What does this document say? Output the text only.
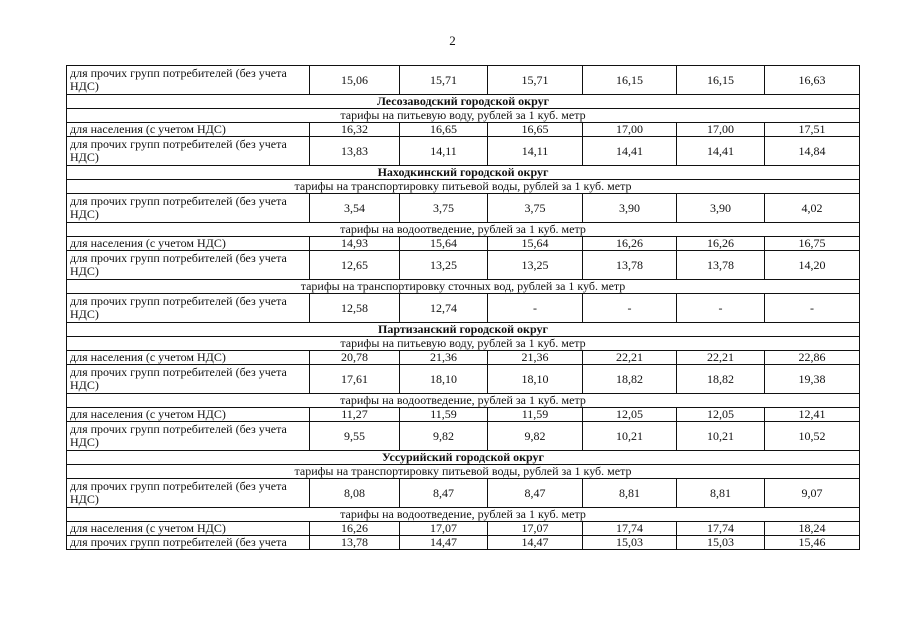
2
для прочих групп потребителей (без учета НДС)	15,06	15,71	15,71	16,15	16,15	16,63
Лесозаводский городской округ						
тарифы на питьевую воду, рублей за 1 куб. метр						
для населения (с учетом НДС)	16,32	16,65	16,65	17,00	17,00	17,51
для прочих групп потребителей (без учета НДС)	13,83	14,11	14,11	14,41	14,41	14,84
Находкинский городской округ						
тарифы на транспортировку питьевой воды, рублей за 1 куб. метр						
для прочих групп потребителей (без учета НДС)	3,54	3,75	3,75	3,90	3,90	4,02
тарифы на водоотведение, рублей за 1 куб. метр						
для населения (с учетом НДС)	14,93	15,64	15,64	16,26	16,26	16,75
для прочих групп потребителей (без учета НДС)	12,65	13,25	13,25	13,78	13,78	14,20
тарифы на транспортировку сточных вод, рублей за 1 куб. метр						
для прочих групп потребителей (без учета НДС)	12,58	12,74	-	-	-	-
Партизанский городской округ						
тарифы на питьевую воду, рублей за 1 куб. метр						
для населения (с учетом НДС)	20,78	21,36	21,36	22,21	22,21	22,86
для прочих групп потребителей (без учета НДС)	17,61	18,10	18,10	18,82	18,82	19,38
тарифы на водоотведение, рублей за 1 куб. метр						
для населения (с учетом НДС)	11,27	11,59	11,59	12,05	12,05	12,41
для прочих групп потребителей (без учета НДС)	9,55	9,82	9,82	10,21	10,21	10,52
Уссурийский городской округ						
тарифы на транспортировку питьевой воды, рублей за 1 куб. метр						
для прочих групп потребителей (без учета НДС)	8,08	8,47	8,47	8,81	8,81	9,07
тарифы на водоотведение, рублей за 1 куб. метр						
для населения (с учетом НДС)	16,26	17,07	17,07	17,74	17,74	18,24
для прочих групп потребителей (без учета	13,78	14,47	14,47	15,03	15,03	15,46
